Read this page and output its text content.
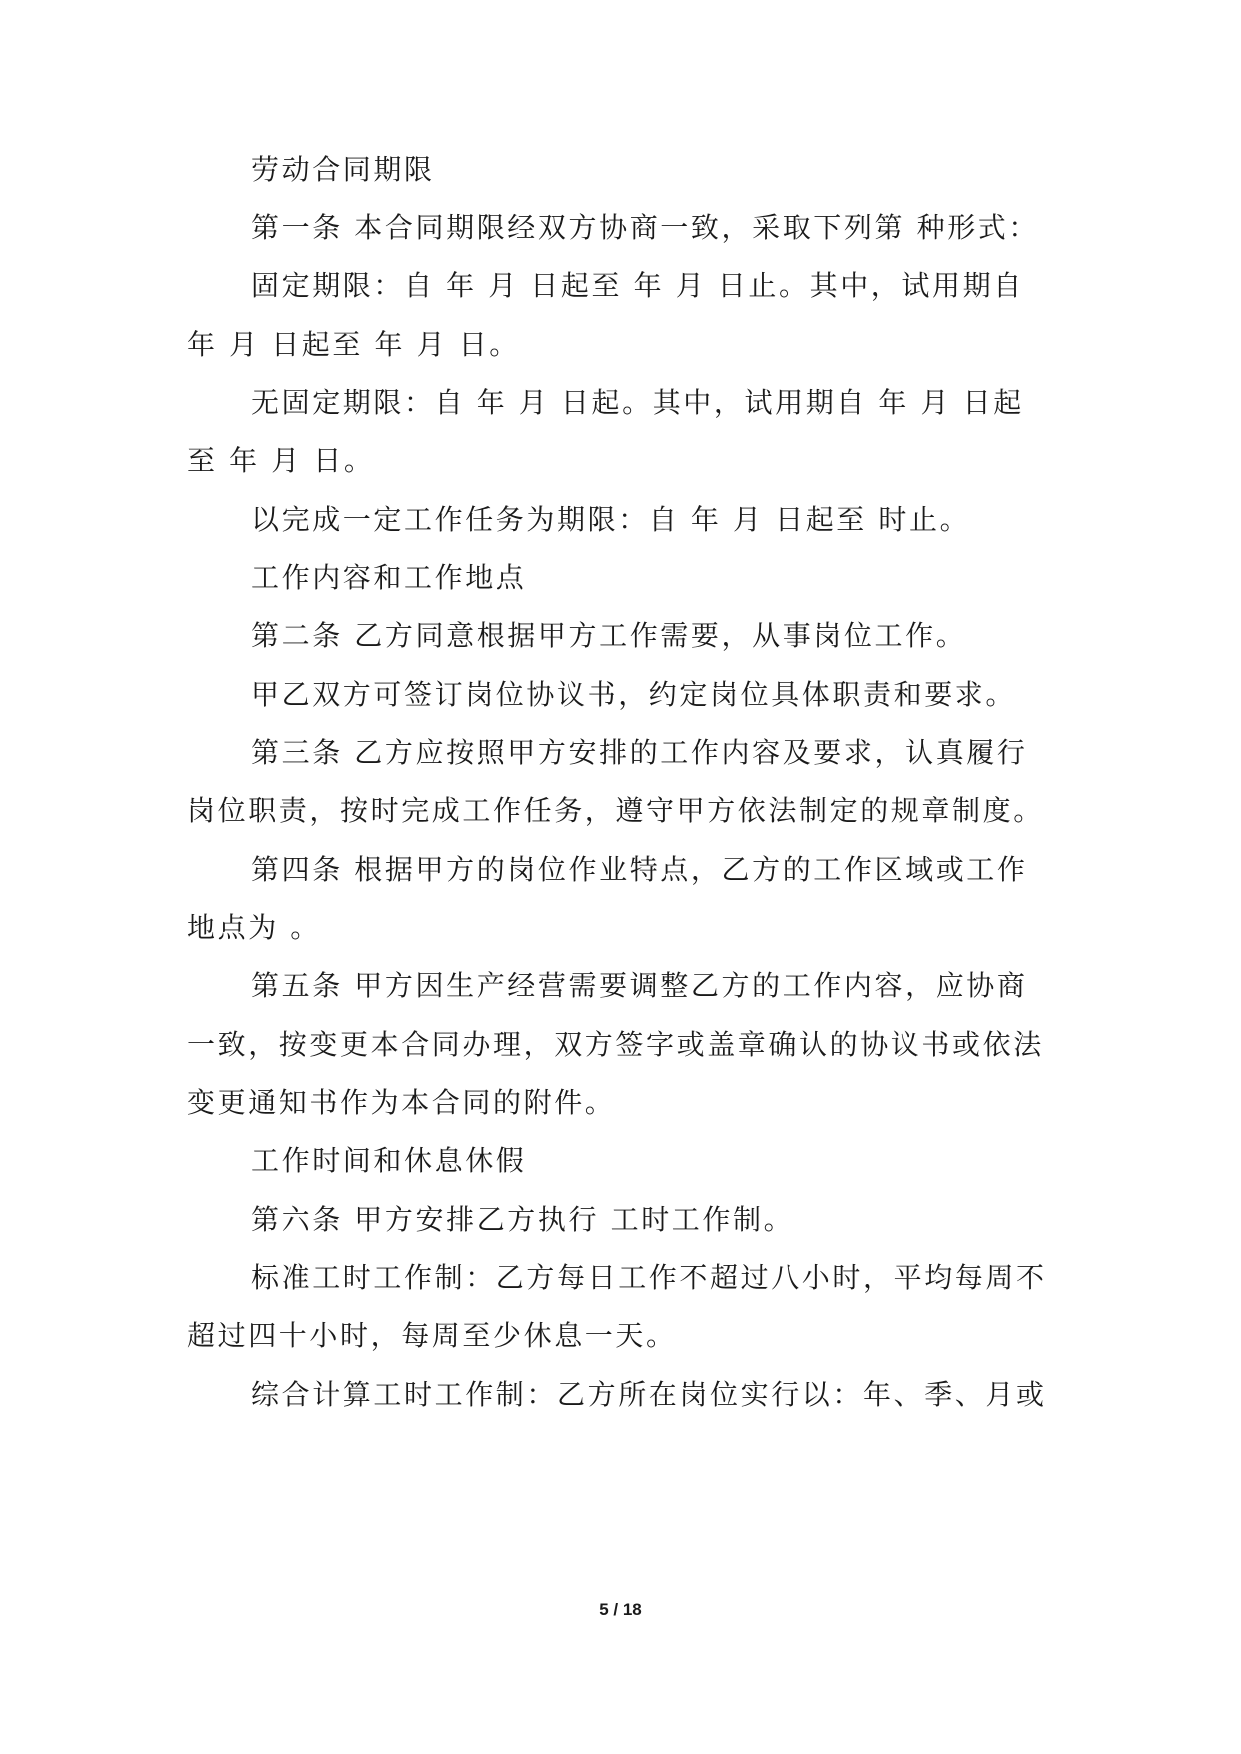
劳动合同期限
第一条 本合同期限经双方协商一致，采取下列第 种形式：
固定期限：自 年 月 日起至 年 月 日止。其中，试用期自
年 月 日起至 年 月 日。
无固定期限：自 年 月 日起。其中，试用期自 年 月 日起
至 年 月 日。
以完成一定工作任务为期限：自 年 月 日起至 时止。
工作内容和工作地点
第二条 乙方同意根据甲方工作需要，从事岗位工作。
甲乙双方可签订岗位协议书，约定岗位具体职责和要求。
第三条 乙方应按照甲方安排的工作内容及要求，认真履行
岗位职责，按时完成工作任务，遵守甲方依法制定的规章制度。
第四条 根据甲方的岗位作业特点，乙方的工作区域或工作
地点为 。
第五条 甲方因生产经营需要调整乙方的工作内容，应协商
一致，按变更本合同办理，双方签字或盖章确认的协议书或依法
变更通知书作为本合同的附件。
工作时间和休息休假
第六条 甲方安排乙方执行 工时工作制。
标准工时工作制：乙方每日工作不超过八小时，平均每周不
超过四十小时，每周至少休息一天。
综合计算工时工作制：乙方所在岗位实行以：年、季、月或
5 / 18
